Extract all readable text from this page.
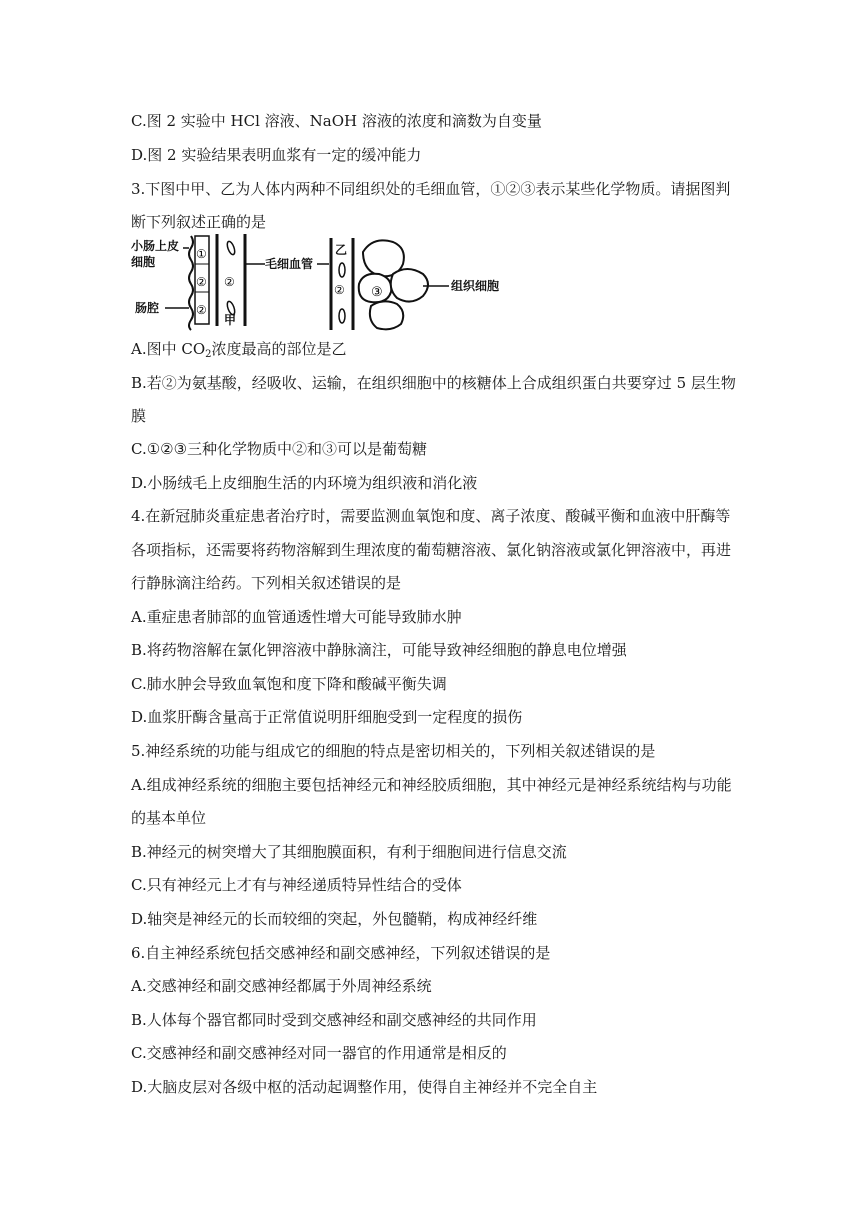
C.图 2 实验中 HCl 溶液、NaOH 溶液的浓度和滴数为自变量
D.图 2 实验结果表明血浆有一定的缓冲能力
3.下图中甲、乙为人体内两种不同组织处的毛细血管，①②③表示某些化学物质。请据图判
断下列叙述正确的是
小肠上皮
细胞
肠腔
①
②
②
②
甲
毛细血管
乙
② ③	组织细胞
A.图中 $CO_2$浓度最高的部位是乙
B.若②为氨基酸，经吸收、运输，在组织细胞中的核糖体上合成组织蛋白共要穿过 5 层生物
膜
C.①②③三种化学物质中②和③可以是葡萄糖
D.小肠绒毛上皮细胞生活的内环境为组织液和消化液
4.在新冠肺炎重症患者治疗时，需要监测血氧饱和度、离子浓度、酸碱平衡和血液中肝酶等
各项指标，还需要将药物溶解到生理浓度的葡萄糖溶液、氯化钠溶液或氯化钾溶液中，再进
行静脉滴注给药。下列相关叙述错误的是
A.重症患者肺部的血管通透性增大可能导致肺水肿
B.将药物溶解在氯化钾溶液中静脉滴注，可能导致神经细胞的静息电位增强
C.肺水肿会导致血氧饱和度下降和酸碱平衡失调
D.血浆肝酶含量高于正常值说明肝细胞受到一定程度的损伤
5.神经系统的功能与组成它的细胞的特点是密切相关的，下列相关叙述错误的是
A.组成神经系统的细胞主要包括神经元和神经胶质细胞，其中神经元是神经系统结构与功能
的基本单位
B.神经元的树突增大了其细胞膜面积，有利于细胞间进行信息交流
C.只有神经元上才有与神经递质特异性结合的受体
D.轴突是神经元的长而较细的突起，外包髓鞘，构成神经纤维
6.自主神经系统包括交感神经和副交感神经，下列叙述错误的是
A.交感神经和副交感神经都属于外周神经系统
B.人体每个器官都同时受到交感神经和副交感神经的共同作用
C.交感神经和副交感神经对同一器官的作用通常是相反的
D.大脑皮层对各级中枢的活动起调整作用，使得自主神经并不完全自主
